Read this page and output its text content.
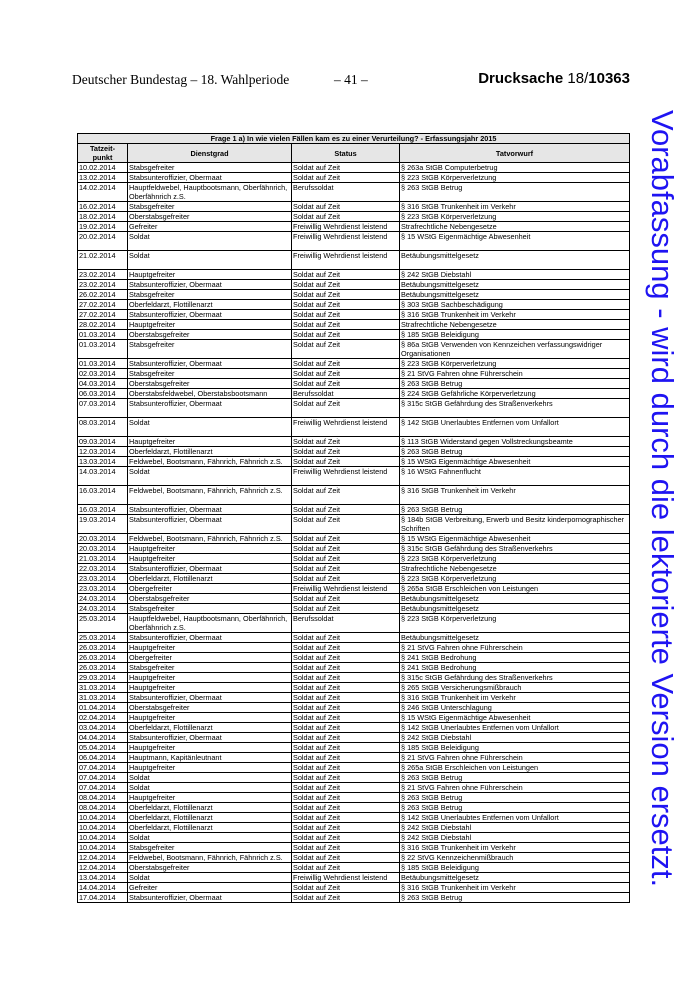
Deutscher Bundestag – 18. Wahlperiode	– 41 –	Drucksache 18/10363
Vorabfassung - wird durch die lektorierte Version ersetzt.
Frage 1 a) In wie vielen Fällen kam es zu einer Verurteilung? - Erfassungsjahr 2015			
Tatzeit-
punkt	Dienstgrad	Status	Tatvorwurf
10.02.2014	Stabsgefreiter	Soldat auf Zeit	§ 263a StGB Computerbetrug
13.02.2014	Stabsunteroffizier, Obermaat	Soldat auf Zeit	§ 223 StGB Körperverletzung
14.02.2014	Hauptfeldwebel, Hauptbootsmann, Oberfähnrich, Oberfähnrich z.S.	Berufssoldat	§ 263 StGB Betrug
16.02.2014	Stabsgefreiter	Soldat auf Zeit	§ 316 StGB Trunkenheit im Verkehr
18.02.2014	Oberstabsgefreiter	Soldat auf Zeit	§ 223 StGB Körperverletzung
19.02.2014	Gefreiter	Freiwillig Wehrdienst leistend	Strafrechtliche Nebengesetze
20.02.2014	Soldat	Freiwillig Wehrdienst leistend	§ 15 WStG Eigenmächtige Abwesenheit
21.02.2014	Soldat	Freiwillig Wehrdienst leistend	Betäubungsmittelgesetz
23.02.2014	Hauptgefreiter	Soldat auf Zeit	§ 242 StGB Diebstahl
23.02.2014	Stabsunteroffizier, Obermaat	Soldat auf Zeit	Betäubungsmittelgesetz
26.02.2014	Stabsgefreiter	Soldat auf Zeit	Betäubungsmittelgesetz
27.02.2014	Oberfeldarzt, Flottillenarzt	Soldat auf Zeit	§ 303 StGB Sachbeschädigung
27.02.2014	Stabsunteroffizier, Obermaat	Soldat auf Zeit	§ 316 StGB Trunkenheit im Verkehr
28.02.2014	Hauptgefreiter	Soldat auf Zeit	Strafrechtliche Nebengesetze
01.03.2014	Oberstabsgefreiter	Soldat auf Zeit	§ 185 StGB Beleidigung
01.03.2014	Stabsgefreiter	Soldat auf Zeit	§ 86a StGB Verwenden von Kennzeichen verfassungswidriger Organisationen
01.03.2014	Stabsunteroffizier, Obermaat	Soldat auf Zeit	§ 223 StGB Körperverletzung
02.03.2014	Stabsgefreiter	Soldat auf Zeit	§ 21 StVG Fahren ohne Führerschein
04.03.2014	Oberstabsgefreiter	Soldat auf Zeit	§ 263 StGB Betrug
06.03.2014	Oberstabsfeldwebel, Oberstabsbootsmann	Berufssoldat	§ 224 StGB Gefährliche Körperverletzung
07.03.2014	Stabsunteroffizier, Obermaat	Soldat auf Zeit	§ 315c StGB Gefährdung des Straßenverkehrs
08.03.2014	Soldat	Freiwillig Wehrdienst leistend	§ 142 StGB Unerlaubtes Entfernen vom Unfallort
09.03.2014	Hauptgefreiter	Soldat auf Zeit	§ 113 StGB Widerstand gegen Vollstreckungsbeamte
12.03.2014	Oberfeldarzt, Flottillenarzt	Soldat auf Zeit	§ 263 StGB Betrug
13.03.2014	Feldwebel, Bootsmann, Fähnrich, Fähnrich z.S.	Soldat auf Zeit	§ 15 WStG Eigenmächtige Abwesenheit
14.03.2014	Soldat	Freiwillig Wehrdienst leistend	§ 16 WStG Fahnenflucht
16.03.2014	Feldwebel, Bootsmann, Fähnrich, Fähnrich z.S.	Soldat auf Zeit	§ 316 StGB Trunkenheit im Verkehr
16.03.2014	Stabsunteroffizier, Obermaat	Soldat auf Zeit	§ 263 StGB Betrug
19.03.2014	Stabsunteroffizier, Obermaat	Soldat auf Zeit	§ 184b StGB Verbreitung, Erwerb und Besitz kinderpornographischer Schriften
20.03.2014	Feldwebel, Bootsmann, Fähnrich, Fähnrich z.S.	Soldat auf Zeit	§ 15 WStG Eigenmächtige Abwesenheit
20.03.2014	Hauptgefreiter	Soldat auf Zeit	§ 315c StGB Gefährdung des Straßenverkehrs
21.03.2014	Hauptgefreiter	Soldat auf Zeit	§ 223 StGB Körperverletzung
22.03.2014	Stabsunteroffizier, Obermaat	Soldat auf Zeit	Strafrechtliche Nebengesetze
23.03.2014	Oberfeldarzt, Flottillenarzt	Soldat auf Zeit	§ 223 StGB Körperverletzung
23.03.2014	Obergefreiter	Freiwillig Wehrdienst leistend	§ 265a StGB Erschleichen von Leistungen
24.03.2014	Oberstabsgefreiter	Soldat auf Zeit	Betäubungsmittelgesetz
24.03.2014	Stabsgefreiter	Soldat auf Zeit	Betäubungsmittelgesetz
25.03.2014	Hauptfeldwebel, Hauptbootsmann, Oberfähnrich, Oberfähnrich z.S.	Berufssoldat	§ 223 StGB Körperverletzung
25.03.2014	Stabsunteroffizier, Obermaat	Soldat auf Zeit	Betäubungsmittelgesetz
26.03.2014	Hauptgefreiter	Soldat auf Zeit	§ 21 StVG Fahren ohne Führerschein
26.03.2014	Obergefreiter	Soldat auf Zeit	§ 241 StGB Bedrohung
26.03.2014	Stabsgefreiter	Soldat auf Zeit	§ 241 StGB Bedrohung
29.03.2014	Hauptgefreiter	Soldat auf Zeit	§ 315c StGB Gefährdung des Straßenverkehrs
31.03.2014	Hauptgefreiter	Soldat auf Zeit	§ 265 StGB Versicherungsmißbrauch
31.03.2014	Stabsunteroffizier, Obermaat	Soldat auf Zeit	§ 316 StGB Trunkenheit im Verkehr
01.04.2014	Oberstabsgefreiter	Soldat auf Zeit	§ 246 StGB Unterschlagung
02.04.2014	Hauptgefreiter	Soldat auf Zeit	§ 15 WStG Eigenmächtige Abwesenheit
03.04.2014	Oberfeldarzt, Flottillenarzt	Soldat auf Zeit	§ 142 StGB Unerlaubtes Entfernen vom Unfallort
04.04.2014	Stabsunteroffizier, Obermaat	Soldat auf Zeit	§ 242 StGB Diebstahl
05.04.2014	Hauptgefreiter	Soldat auf Zeit	§ 185 StGB Beleidigung
06.04.2014	Hauptmann, Kapitänleutnant	Soldat auf Zeit	§ 21 StVG Fahren ohne Führerschein
07.04.2014	Hauptgefreiter	Soldat auf Zeit	§ 265a StGB Erschleichen von Leistungen
07.04.2014	Soldat	Soldat auf Zeit	§ 263 StGB Betrug
07.04.2014	Soldat	Soldat auf Zeit	§ 21 StVG Fahren ohne Führerschein
08.04.2014	Hauptgefreiter	Soldat auf Zeit	§ 263 StGB Betrug
08.04.2014	Oberfeldarzt, Flottillenarzt	Soldat auf Zeit	§ 263 StGB Betrug
10.04.2014	Oberfeldarzt, Flottillenarzt	Soldat auf Zeit	§ 142 StGB Unerlaubtes Entfernen vom Unfallort
10.04.2014	Oberfeldarzt, Flottillenarzt	Soldat auf Zeit	§ 242 StGB Diebstahl
10.04.2014	Soldat	Soldat auf Zeit	§ 242 StGB Diebstahl
10.04.2014	Stabsgefreiter	Soldat auf Zeit	§ 316 StGB Trunkenheit im Verkehr
12.04.2014	Feldwebel, Bootsmann, Fähnrich, Fähnrich z.S.	Soldat auf Zeit	§ 22 StVG Kennzeichenmißbrauch
12.04.2014	Oberstabsgefreiter	Soldat auf Zeit	§ 185 StGB Beleidigung
13.04.2014	Soldat	Freiwillig Wehrdienst leistend	Betäubungsmittelgesetz
14.04.2014	Gefreiter	Soldat auf Zeit	§ 316 StGB Trunkenheit im Verkehr
17.04.2014	Stabsunteroffizier, Obermaat	Soldat auf Zeit	§ 263 StGB Betrug
